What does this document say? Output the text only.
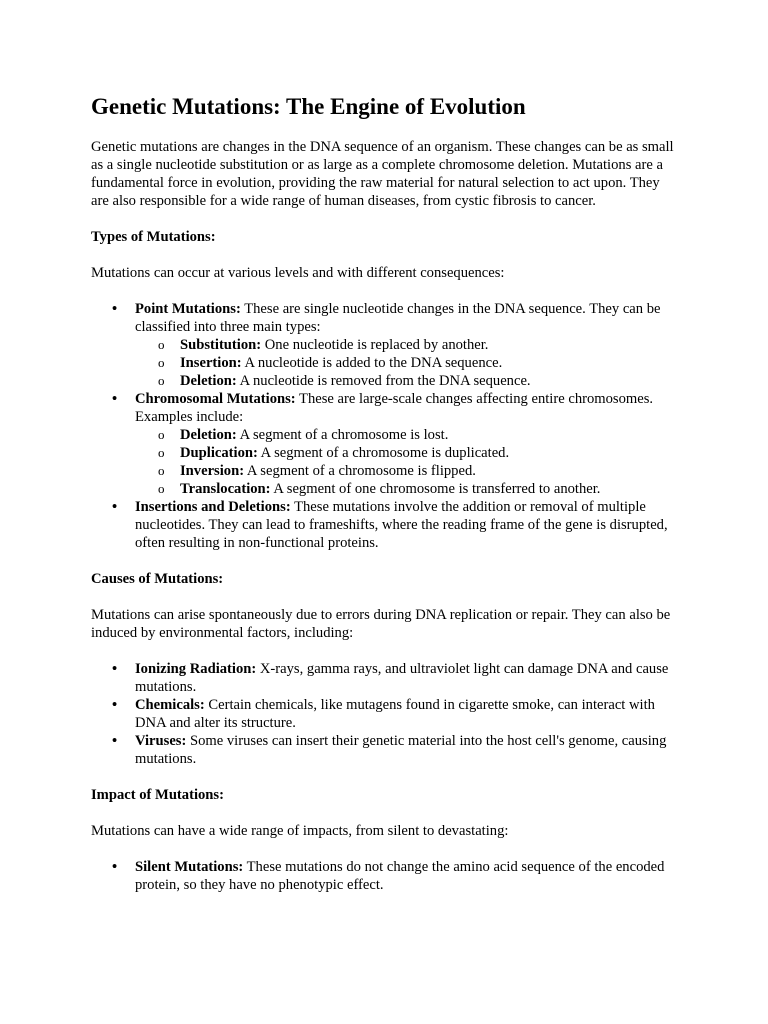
Genetic Mutations: The Engine of Evolution

Genetic mutations are changes in the DNA sequence of an organism. These changes can be as small as a single nucleotide substitution or as large as a complete chromosome deletion. Mutations are a fundamental force in evolution, providing the raw material for natural selection to act upon. They are also responsible for a wide range of human diseases, from cystic fibrosis to cancer.

Types of Mutations:

Mutations can occur at various levels and with different consequences:

• Point Mutations: These are single nucleotide changes in the DNA sequence. They can be classified into three main types:
o Substitution: One nucleotide is replaced by another.
o Insertion: A nucleotide is added to the DNA sequence.
o Deletion: A nucleotide is removed from the DNA sequence.
• Chromosomal Mutations: These are large-scale changes affecting entire chromosomes. Examples include:
o Deletion: A segment of a chromosome is lost.
o Duplication: A segment of a chromosome is duplicated.
o Inversion: A segment of a chromosome is flipped.
o Translocation: A segment of one chromosome is transferred to another.
• Insertions and Deletions: These mutations involve the addition or removal of multiple nucleotides. They can lead to frameshifts, where the reading frame of the gene is disrupted, often resulting in non-functional proteins.

Causes of Mutations:

Mutations can arise spontaneously due to errors during DNA replication or repair. They can also be induced by environmental factors, including:

• Ionizing Radiation: X-rays, gamma rays, and ultraviolet light can damage DNA and cause mutations.
• Chemicals: Certain chemicals, like mutagens found in cigarette smoke, can interact with DNA and alter its structure.
• Viruses: Some viruses can insert their genetic material into the host cell's genome, causing mutations.

Impact of Mutations:

Mutations can have a wide range of impacts, from silent to devastating:

• Silent Mutations: These mutations do not change the amino acid sequence of the encoded protein, so they have no phenotypic effect.
